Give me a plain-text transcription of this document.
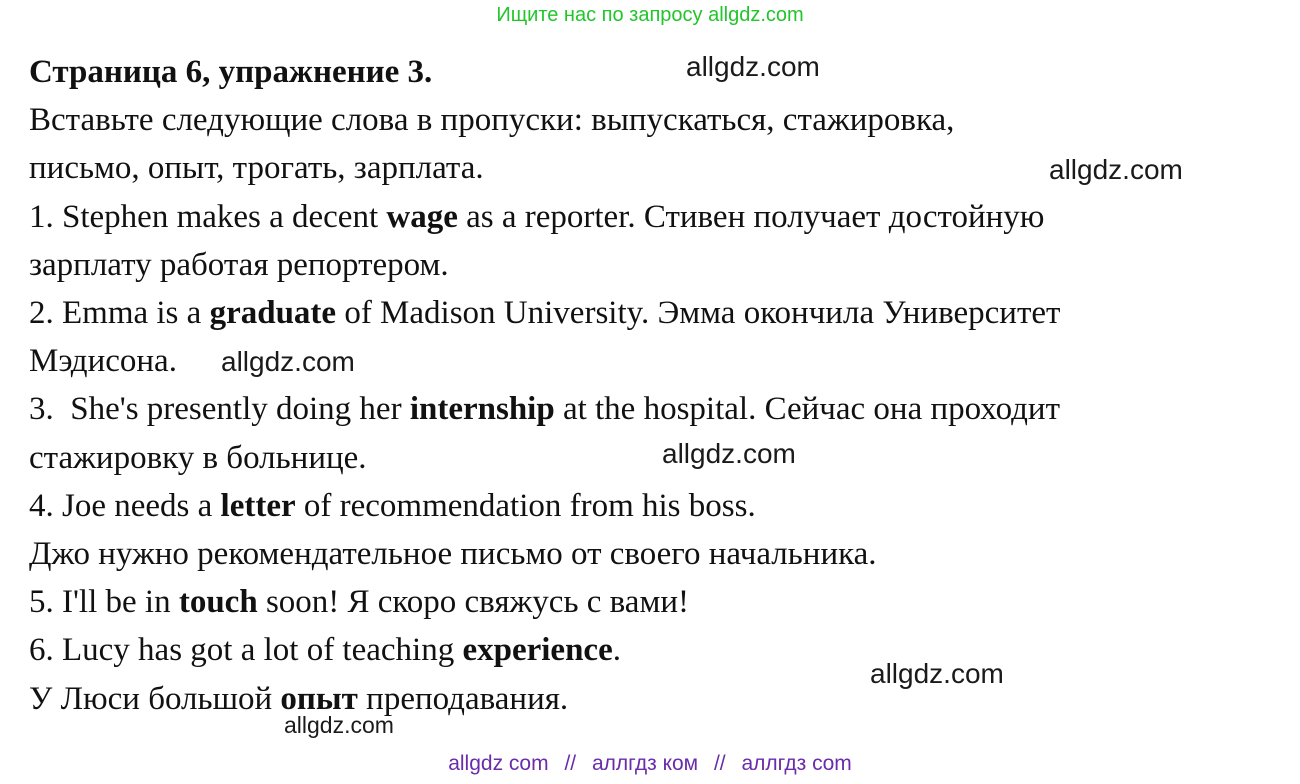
Ищите нас по запросу allgdz.com
Страница 6, упражнение 3.
Вставьте следующие слова в пропуски: выпускаться, стажировка,
письмо, опыт, трогать, зарплата.
1. Stephen makes a decent wage as a reporter. Стивен получает достойную
зарплату работая репортером.
2. Emma is a graduate of Madison University. Эмма окончила Университет
Мэдисона.
3.  She's presently doing her internship at the hospital. Сейчас она проходит
стажировку в больнице.
4. Joe needs a letter of recommendation from his boss.
Джо нужно рекомендательное письмо от своего начальника.
5. I'll be in touch soon! Я скоро свяжусь с вами!
6. Lucy has got a lot of teaching experience.
У Люси большой опыт преподавания.
allgdz.com
allgdz.com
allgdz.com
allgdz.com
allgdz.com
allgdz.com
allgdz com // аллгдз ком // аллгдз com
